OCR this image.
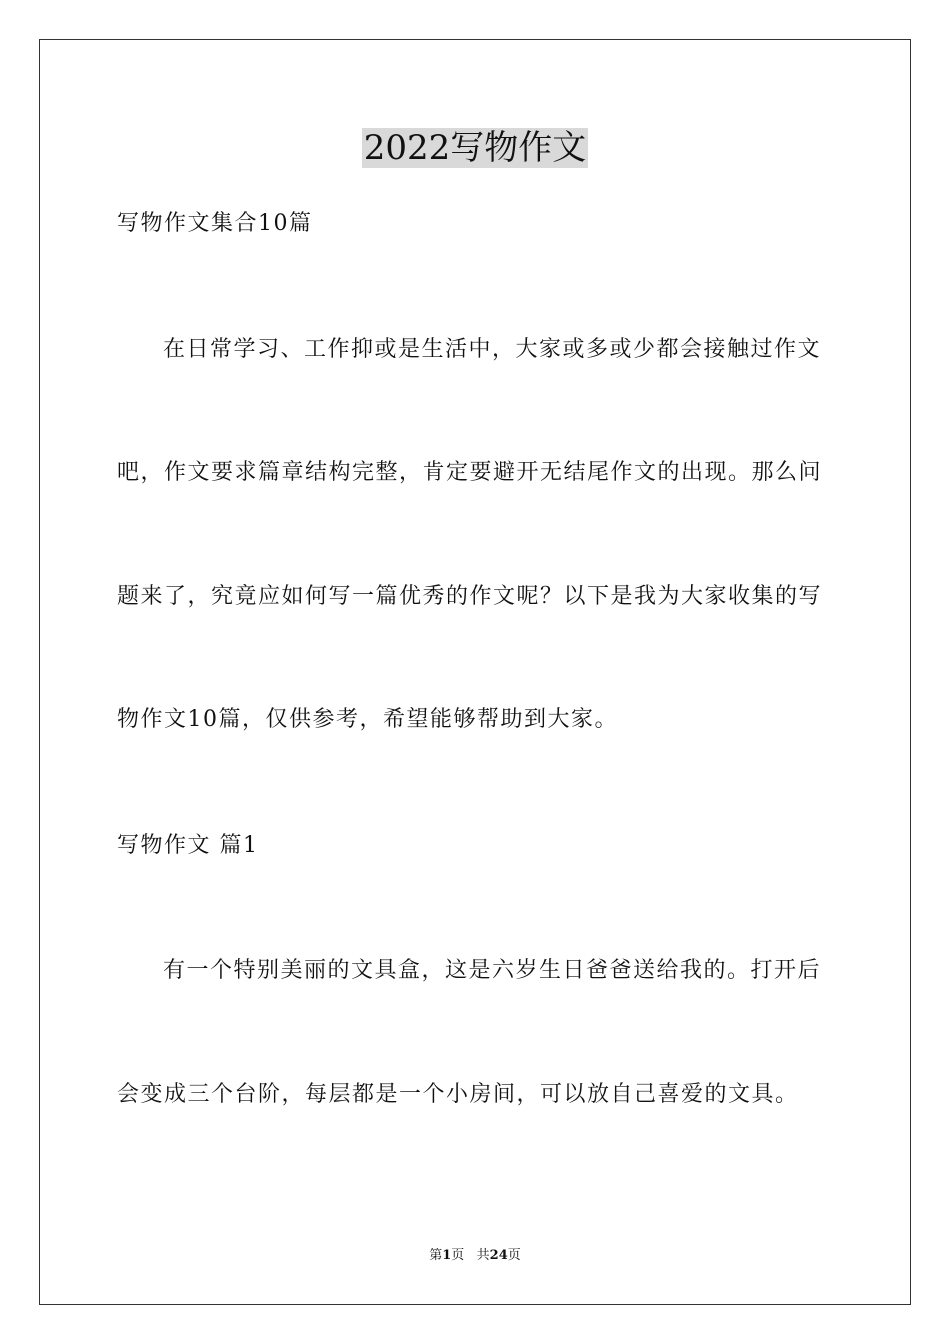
2022写物作文
写物作文集合10篇
在日常学习、工作抑或是生活中，大家或多或少都会接触过作文
吧，作文要求篇章结构完整，肯定要避开无结尾作文的出现。那么问
题来了，究竟应如何写一篇优秀的作文呢？以下是我为大家收集的写
物作文10篇，仅供参考，希望能够帮助到大家。
写物作文 篇1
有一个特别美丽的文具盒，这是六岁生日爸爸送给我的。打开后
会变成三个台阶，每层都是一个小房间，可以放自己喜爱的文具。
第1页   共24页
